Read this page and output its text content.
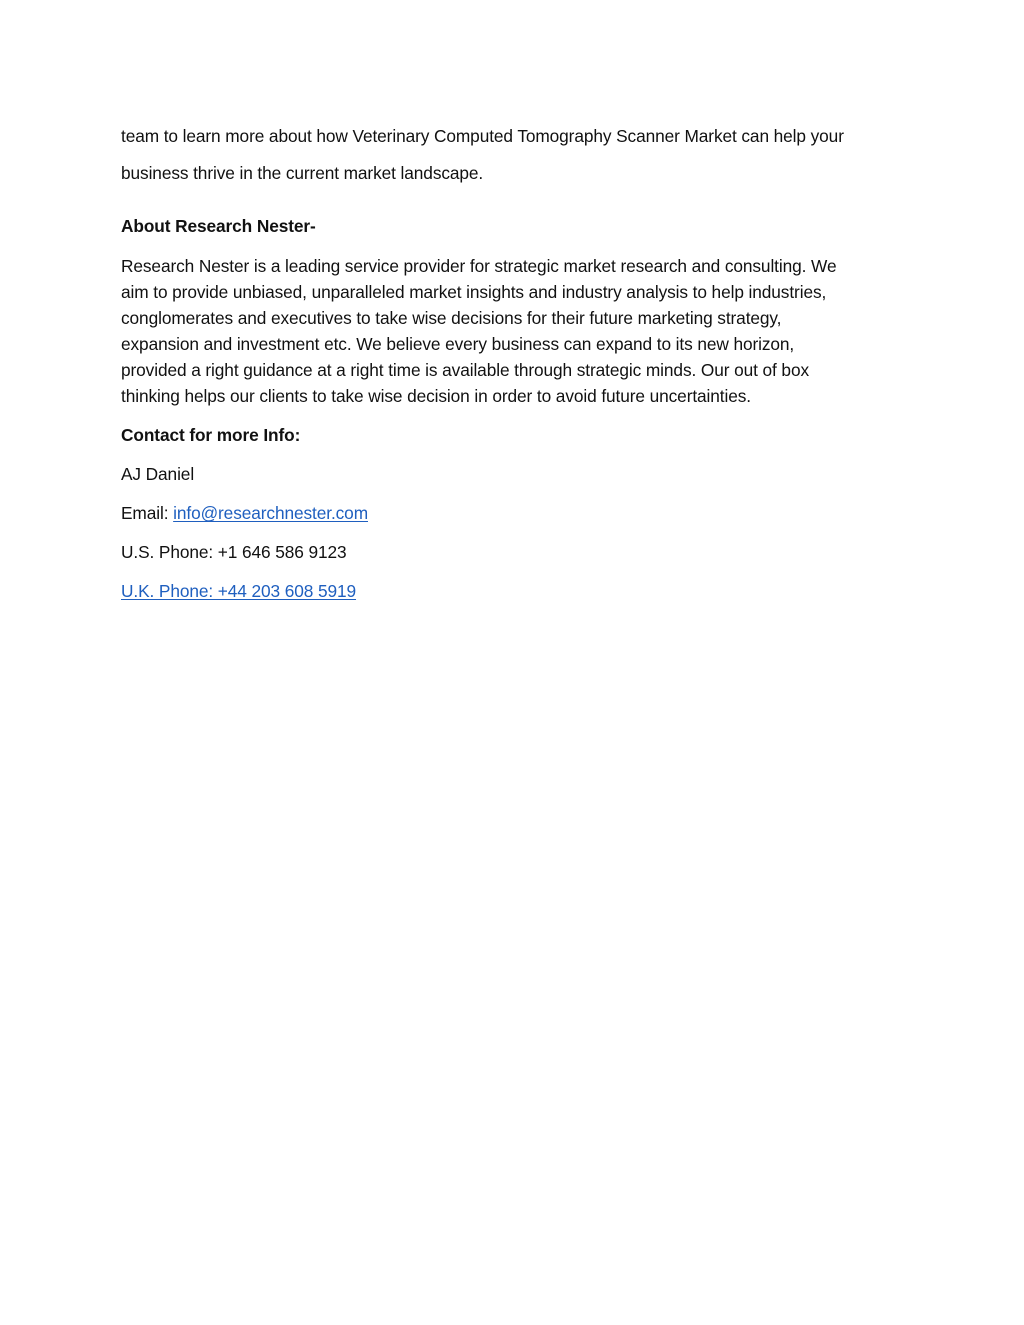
team to learn more about how Veterinary Computed Tomography Scanner Market can help your

business thrive in the current market landscape.

About Research Nester-

Research Nester is a leading service provider for strategic market research and consulting. We
aim to provide unbiased, unparalleled market insights and industry analysis to help industries,
conglomerates and executives to take wise decisions for their future marketing strategy,
expansion and investment etc. We believe every business can expand to its new horizon,
provided a right guidance at a right time is available through strategic minds. Our out of box
thinking helps our clients to take wise decision in order to avoid future uncertainties.

Contact for more Info:

AJ Daniel

Email: info@researchnester.com

U.S. Phone: +1 646 586 9123

U.K. Phone: +44 203 608 5919
